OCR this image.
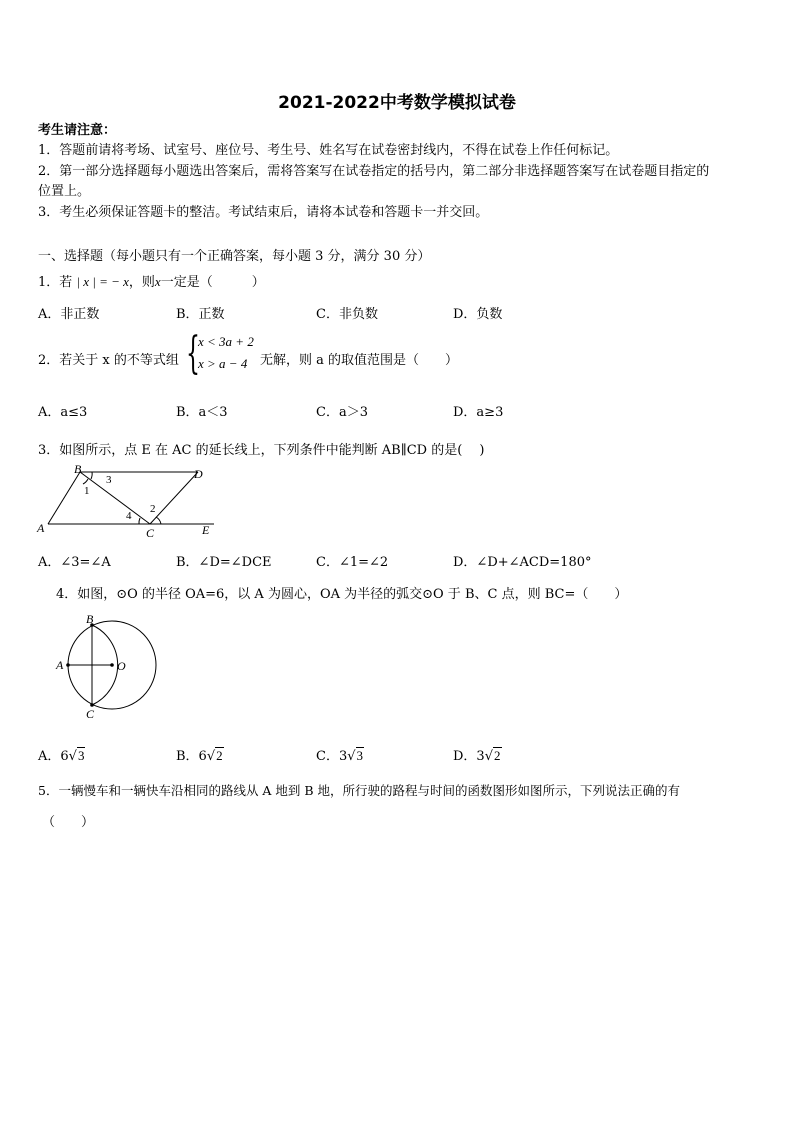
2021-2022中考数学模拟试卷
考生请注意：
1．答题前请将考场、试室号、座位号、考生号、姓名写在试卷密封线内，不得在试卷上作任何标记。
2．第一部分选择题每小题选出答案后，需将答案写在试卷指定的括号内，第二部分非选择题答案写在试卷题目指定的
位置上。
3．考生必须保证答题卡的整洁。考试结束后，请将本试卷和答题卡一并交回。
一、选择题（每小题只有一个正确答案，每小题 3 分，满分 30 分）
1．若 | x | = − x，则x一定是（　　　）
A．非正数	B．正数	C．非负数	D．负数
2．若关于 x 的不等式组 {
x < 3a + 2
x > a − 4 无解，则 a 的取值范围是（　　）
A．a≤3	B．a＜3	C．a＞3	D．a≥3
3．如图所示，点 E 在 AC 的延长线上，下列条件中能判断 AB∥CD 的是(　 )
A
B
C
D
E
1
3
4
2
A．∠3=∠A	B．∠D=∠DCE	C．∠1=∠2	D．∠D+∠ACD=180°
4．如图，⊙O 的半径 OA=6，以 A 为圆心，OA 为半径的弧交⊙O 于 B、C 点，则 BC=（　　）
A
B
C
O
A．6√3	B．6√2	C．3√3	D．3√2
5．一辆慢车和一辆快车沿相同的路线从 A 地到 B 地，所行驶的路程与时间的函数图形如图所示，下列说法正确的有
（　　）
